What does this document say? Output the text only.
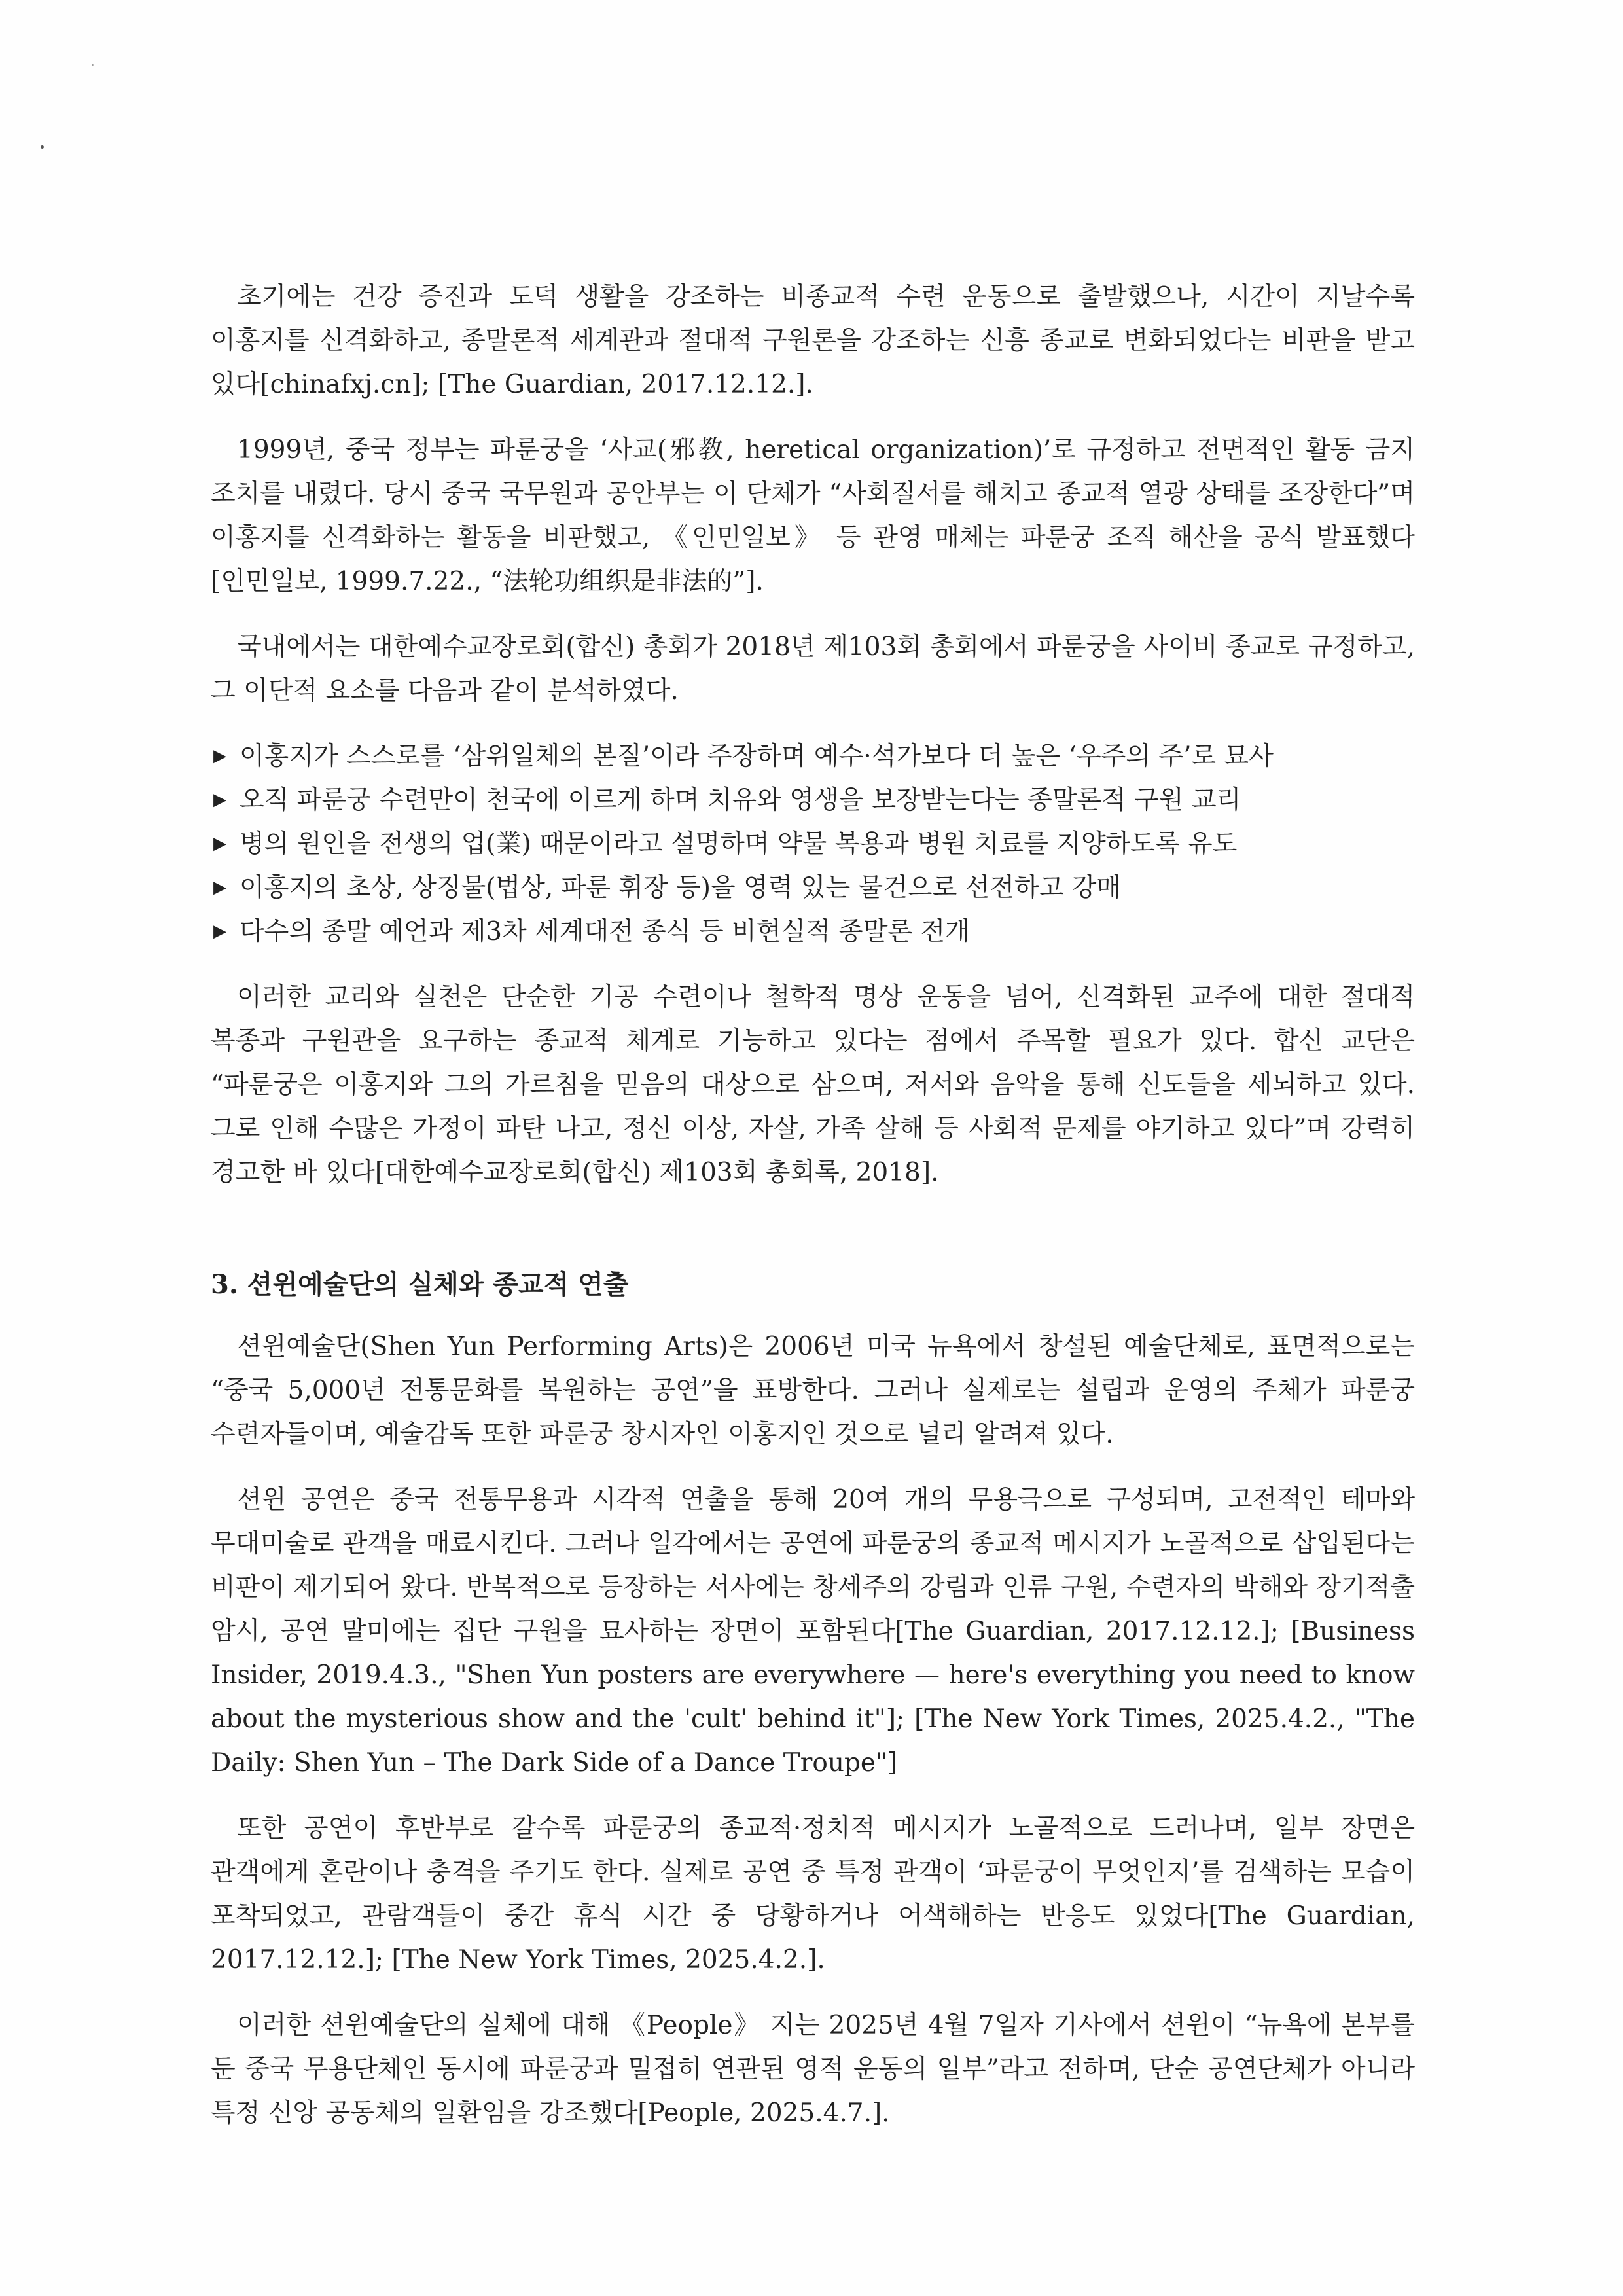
초기에는 건강 증진과 도덕 생활을 강조하는 비종교적 수련 운동으로 출발했으나, 시간이 지날수록 이홍지를 신격화하고, 종말론적 세계관과 절대적 구원론을 강조하는 신흥 종교로 변화되었다는 비판을 받고 있다[chinafxj.cn]; [The Guardian, 2017.12.12.].

1999년, 중국 정부는 파룬궁을 ‘사교(邪教, heretical organization)’로 규정하고 전면적인 활동 금지 조치를 내렸다. 당시 중국 국무원과 공안부는 이 단체가 “사회질서를 해치고 종교적 열광 상태를 조장한다”며 이홍지를 신격화하는 활동을 비판했고, 《인민일보》 등 관영 매체는 파룬궁 조직 해산을 공식 발표했다[인민일보, 1999.7.22., “法轮功组织是非法的”].

국내에서는 대한예수교장로회(합신) 총회가 2018년 제103회 총회에서 파룬궁을 사이비 종교로 규정하고, 그 이단적 요소를 다음과 같이 분석하였다.

▶ 이홍지가 스스로를 ‘삼위일체의 본질’이라 주장하며 예수·석가보다 더 높은 ‘우주의 주’로 묘사
▶ 오직 파룬궁 수련만이 천국에 이르게 하며 치유와 영생을 보장받는다는 종말론적 구원 교리
▶ 병의 원인을 전생의 업(業) 때문이라고 설명하며 약물 복용과 병원 치료를 지양하도록 유도
▶ 이홍지의 초상, 상징물(법상, 파룬 휘장 등)을 영력 있는 물건으로 선전하고 강매
▶ 다수의 종말 예언과 제3차 세계대전 종식 등 비현실적 종말론 전개

이러한 교리와 실천은 단순한 기공 수련이나 철학적 명상 운동을 넘어, 신격화된 교주에 대한 절대적 복종과 구원관을 요구하는 종교적 체계로 기능하고 있다는 점에서 주목할 필요가 있다. 합신 교단은 “파룬궁은 이홍지와 그의 가르침을 믿음의 대상으로 삼으며, 저서와 음악을 통해 신도들을 세뇌하고 있다. 그로 인해 수많은 가정이 파탄 나고, 정신 이상, 자살, 가족 살해 등 사회적 문제를 야기하고 있다”며 강력히 경고한 바 있다[대한예수교장로회(합신) 제103회 총회록, 2018].

3. 션윈예술단의 실체와 종교적 연출

션윈예술단(Shen Yun Performing Arts)은 2006년 미국 뉴욕에서 창설된 예술단체로, 표면적으로는 “중국 5,000년 전통문화를 복원하는 공연”을 표방한다. 그러나 실제로는 설립과 운영의 주체가 파룬궁 수련자들이며, 예술감독 또한 파룬궁 창시자인 이홍지인 것으로 널리 알려져 있다.

션윈 공연은 중국 전통무용과 시각적 연출을 통해 20여 개의 무용극으로 구성되며, 고전적인 테마와 무대미술로 관객을 매료시킨다. 그러나 일각에서는 공연에 파룬궁의 종교적 메시지가 노골적으로 삽입된다는 비판이 제기되어 왔다. 반복적으로 등장하는 서사에는 창세주의 강림과 인류 구원, 수련자의 박해와 장기적출 암시, 공연 말미에는 집단 구원을 묘사하는 장면이 포함된다[The Guardian, 2017.12.12.]; [Business Insider, 2019.4.3., "Shen Yun posters are everywhere — here's everything you need to know about the mysterious show and the 'cult' behind it"]; [The New York Times, 2025.4.2., "The Daily: Shen Yun – The Dark Side of a Dance Troupe"]

또한 공연이 후반부로 갈수록 파룬궁의 종교적·정치적 메시지가 노골적으로 드러나며, 일부 장면은 관객에게 혼란이나 충격을 주기도 한다. 실제로 공연 중 특정 관객이 ‘파룬궁이 무엇인지’를 검색하는 모습이 포착되었고, 관람객들이 중간 휴식 시간 중 당황하거나 어색해하는 반응도 있었다[The Guardian, 2017.12.12.]; [The New York Times, 2025.4.2.].

이러한 션윈예술단의 실체에 대해 《People》 지는 2025년 4월 7일자 기사에서 션윈이 “뉴욕에 본부를 둔 중국 무용단체인 동시에 파룬궁과 밀접히 연관된 영적 운동의 일부”라고 전하며, 단순 공연단체가 아니라 특정 신앙 공동체의 일환임을 강조했다[People, 2025.4.7.].
